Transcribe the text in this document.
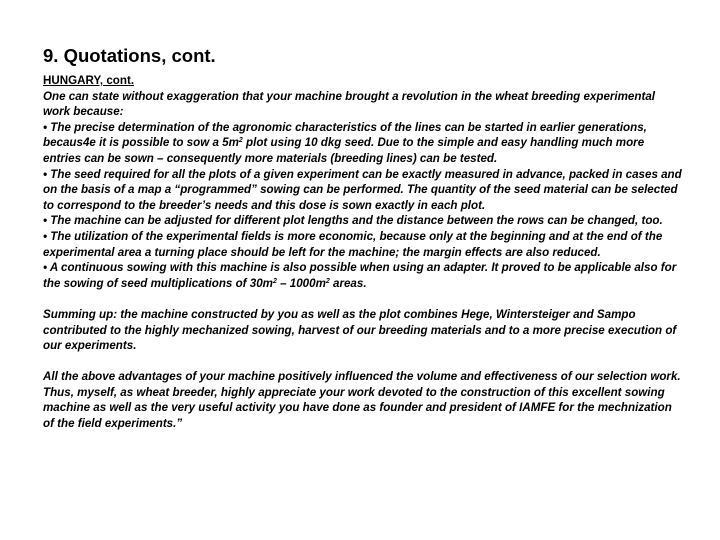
9. Quotations, cont.

HUNGARY, cont.

One can state without exaggeration that your machine brought a revolution in the wheat breeding experimental work because:

• The precise determination of the agronomic characteristics of the lines can be started in earlier generations, becaus4e it is possible to sow a $5m^2$ plot using 10 dkg seed. Due to the simple and easy handling much more entries can be sown – consequently more materials (breeding lines) can be tested.

• The seed required for all the plots of a given experiment can be exactly measured in advance, packed in cases and on the basis of a map a “programmed” sowing can be performed. The quantity of the seed material can be selected to correspond to the breeder’s needs and this dose is sown exactly in each plot.

• The machine can be adjusted for different plot lengths and the distance between the rows can be changed, too.

• The utilization of the experimental fields is more economic, because only at the beginning and at the end of the experimental area a turning place should be left for the machine; the margin effects are also reduced.

• A continuous sowing with this machine is also possible when using an adapter. It proved to be applicable also for the sowing of seed multiplications of $30m^2 - 1000m^2$ areas.

Summing up: the machine constructed by you as well as the plot combines Hege, Wintersteiger and Sampo contributed to the highly mechanized sowing, harvest of our breeding materials and to a more precise execution of our experiments.

All the above advantages of your machine positively influenced the volume and effectiveness of our selection work. Thus, myself, as wheat breeder, highly appreciate your work devoted to the construction of this excellent sowing machine as well as the very useful activity you have done as founder and president of IAMFE for the mechnization of the field experiments.”
